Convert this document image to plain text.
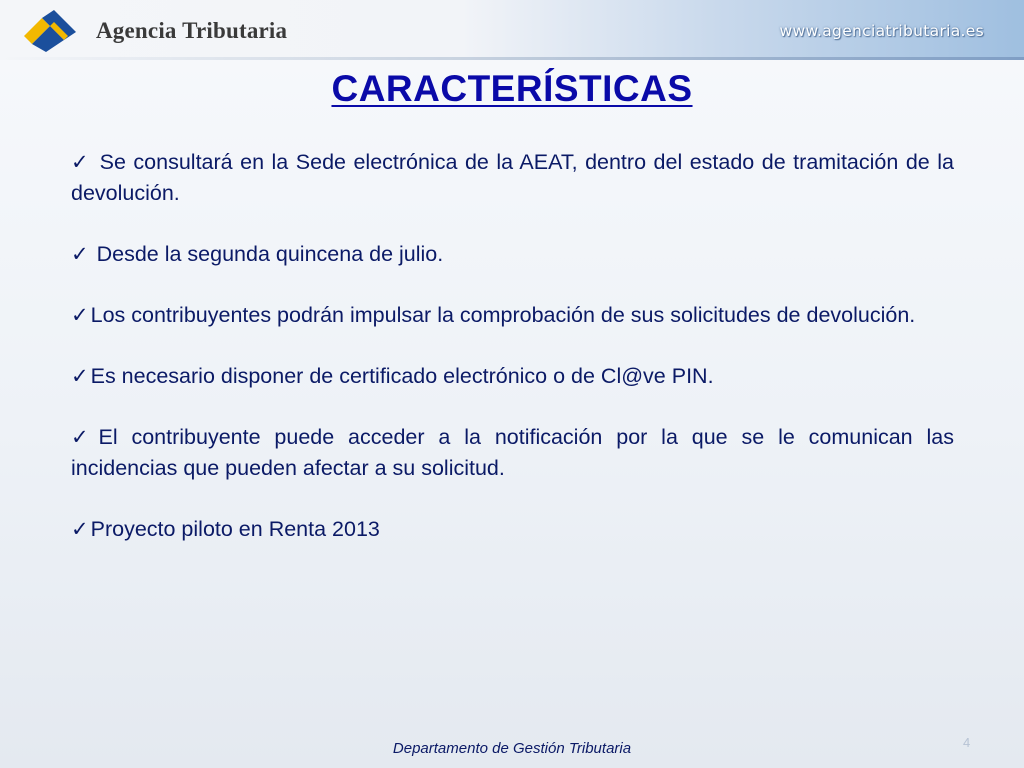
Agencia Tributaria	www.agenciatributaria.es
CARACTERÍSTICAS

✓ Se consultará en la Sede electrónica de la AEAT, dentro del estado de tramitación de la devolución.

✓ Desde la segunda quincena de julio.

✓Los contribuyentes podrán impulsar la comprobación de sus solicitudes de devolución.

✓Es necesario disponer de certificado electrónico o de Cl@ve PIN.

✓El contribuyente puede acceder a la notificación por la que se le comunican las incidencias que pueden afectar a su solicitud.

✓Proyecto piloto en Renta 2013

Departamento de Gestión Tributaria	4
